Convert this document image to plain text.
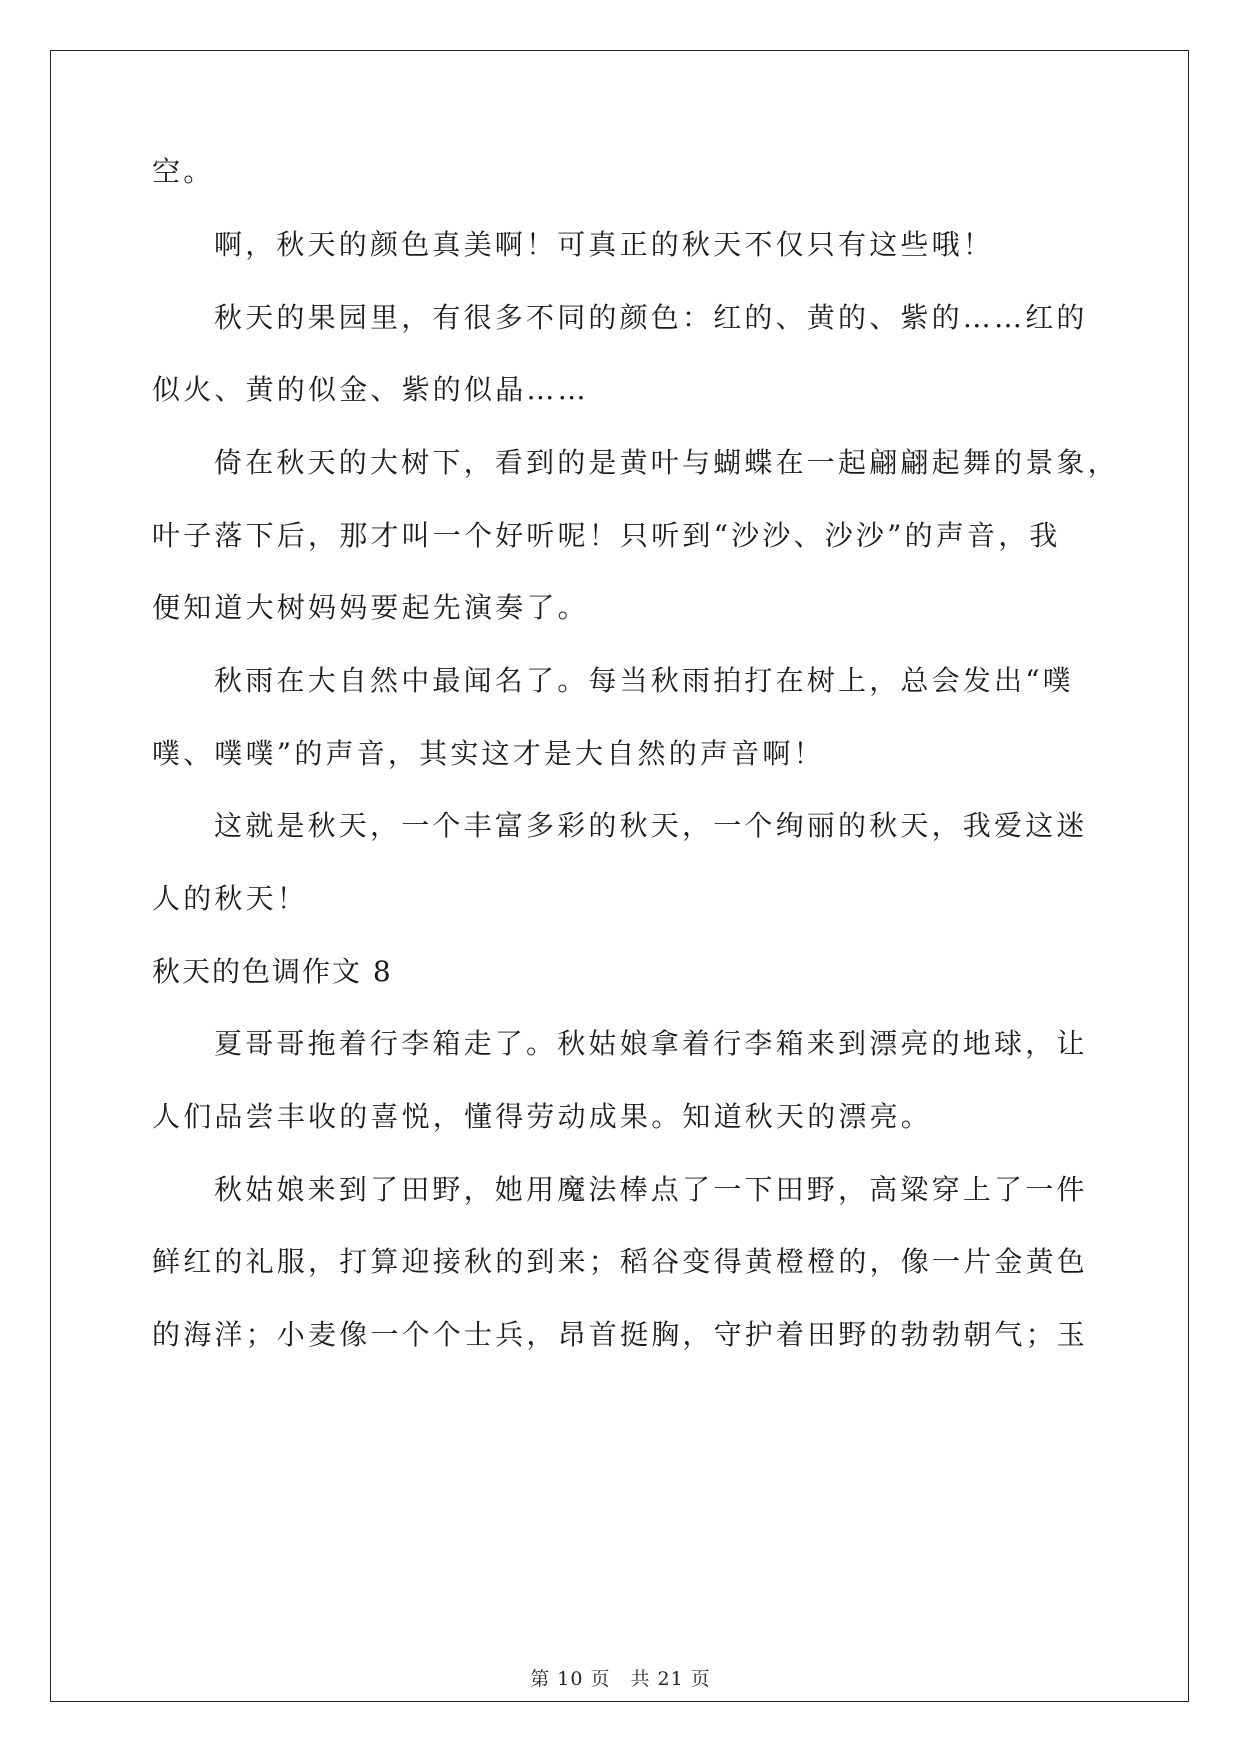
空。
啊，秋天的颜色真美啊！可真正的秋天不仅只有这些哦！
秋天的果园里，有很多不同的颜色：红的、黄的、紫的……红的
似火、黄的似金、紫的似晶……
倚在秋天的大树下，看到的是黄叶与蝴蝶在一起翩翩起舞的景象，
叶子落下后，那才叫一个好听呢！只听到“沙沙、沙沙”的声音，我
便知道大树妈妈要起先演奏了。
秋雨在大自然中最闻名了。每当秋雨拍打在树上，总会发出“噗
噗、噗噗”的声音，其实这才是大自然的声音啊！
这就是秋天，一个丰富多彩的秋天，一个绚丽的秋天，我爱这迷
人的秋天！
秋天的色调作文 8
夏哥哥拖着行李箱走了。秋姑娘拿着行李箱来到漂亮的地球，让
人们品尝丰收的喜悦，懂得劳动成果。知道秋天的漂亮。
秋姑娘来到了田野，她用魔法棒点了一下田野，高粱穿上了一件
鲜红的礼服，打算迎接秋的到来；稻谷变得黄橙橙的，像一片金黄色
的海洋；小麦像一个个士兵，昂首挺胸，守护着田野的勃勃朝气；玉
第 10 页　共 21 页
